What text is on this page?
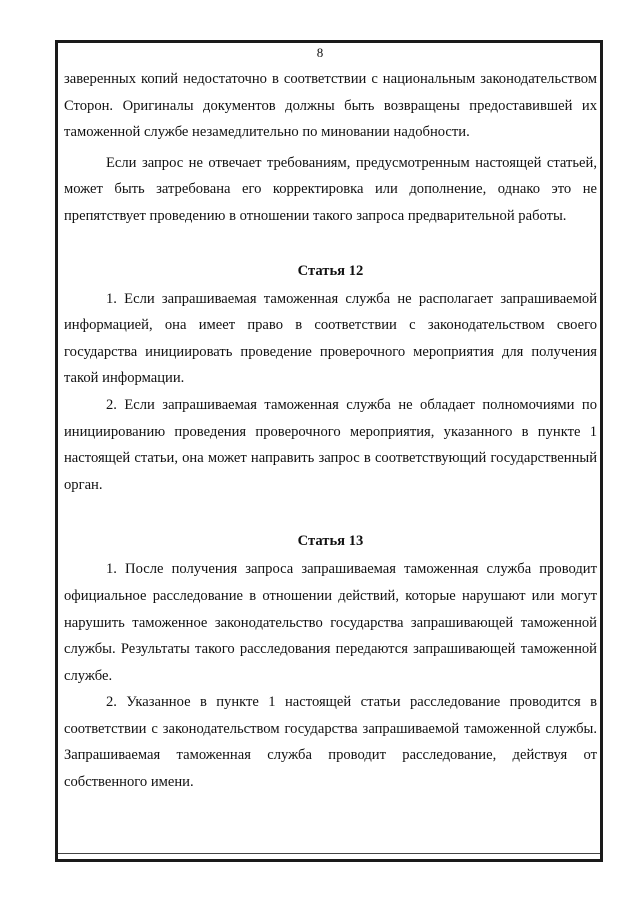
8

заверенных копий недостаточно в соответствии с национальным законодательством Сторон. Оригиналы документов должны быть возвращены предоставившей их таможенной службе незамедлительно по миновании надобности.

Если запрос не отвечает требованиям, предусмотренным настоящей статьей, может быть затребована его корректировка или дополнение, однако это не препятствует проведению в отношении такого запроса предварительной работы.

Статья 12

1. Если запрашиваемая таможенная служба не располагает запрашиваемой информацией, она имеет право в соответствии с законодательством своего государства инициировать проведение проверочного мероприятия для получения такой информации.

2. Если запрашиваемая таможенная служба не обладает полномочиями по инициированию проведения проверочного мероприятия, указанного в пункте 1 настоящей статьи, она может направить запрос в соответствующий государственный орган.

Статья 13

1. После получения запроса запрашиваемая таможенная служба проводит официальное расследование в отношении действий, которые нарушают или могут нарушить таможенное законодательство государства запрашивающей таможенной службы. Результаты такого расследования передаются запрашивающей таможенной службе.

2. Указанное в пункте 1 настоящей статьи расследование проводится в соответствии с законодательством государства запрашиваемой таможенной службы. Запрашиваемая таможенная служба проводит расследование, действуя от собственного имени.
